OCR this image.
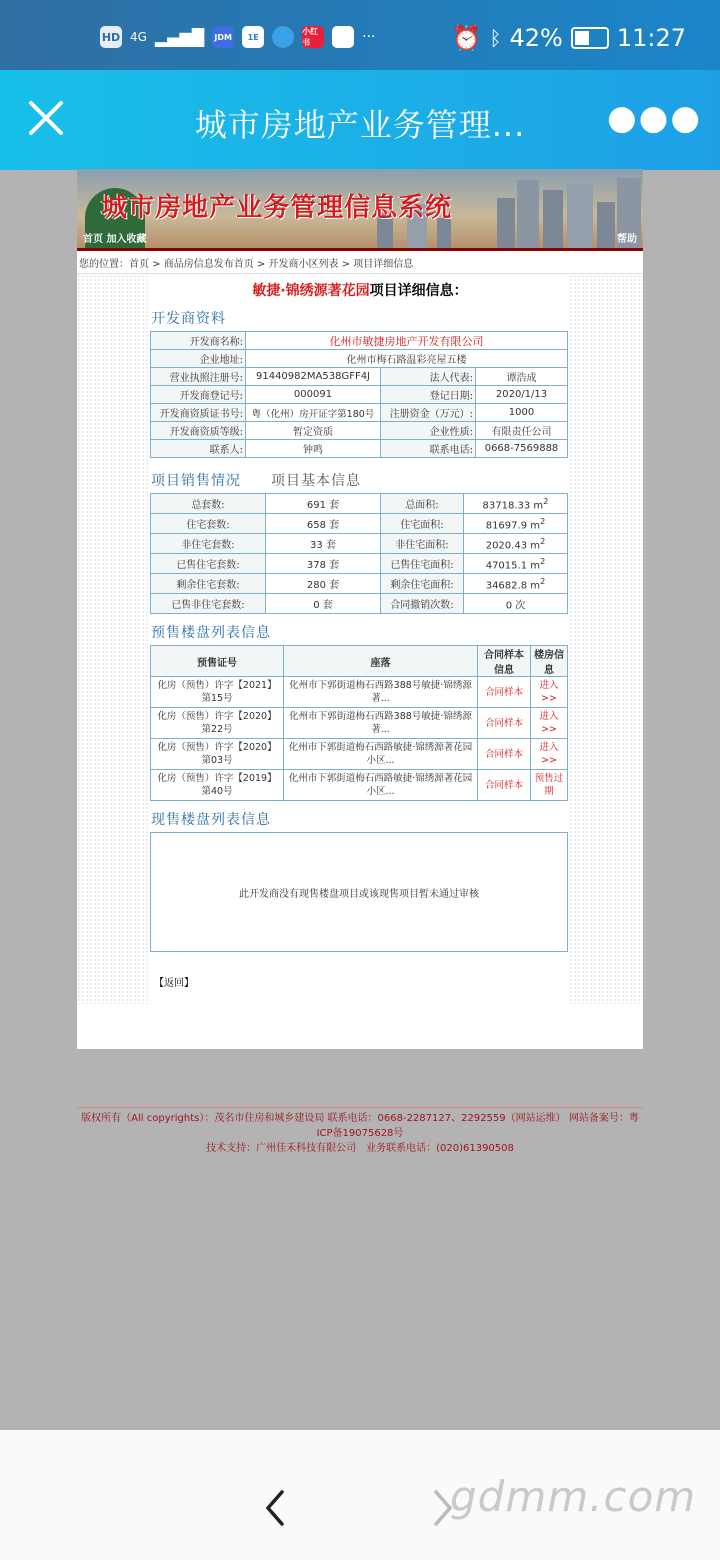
HD 4G ▂▄▆█ JDM	1E
小红书	···	⏰ ᛒ 42% 11:27
城市房地产业务管理...	●●●
城市房地产业务管理信息系统
首页 加入收藏	帮助
您的位置：首页 > 商品房信息发布首页 > 开发商小区列表 > 项目详细信息
敏捷·锦绣源著花园项目详细信息：
开发商资料
开发商名称:	化州市敏捷房地产开发有限公司		
企业地址:	化州市梅石路温彩亮屋五楼		
营业执照注册号:	91440982MA538GFF4J	法人代表:	谭浩成
开发商登记号:	000091	登记日期:	2020/1/13
开发商资质证书号:	粤（化州）房开证字第180号	注册资金（万元）:	1000
开发商资质等级:	暂定资质	企业性质:	有限责任公司
联系人:	钟鸣	联系电话:	0668-7569888
项目销售情况 项目基本信息
总套数:	691 套	总面积:	83718.33 $m^2$
住宅套数:	658 套	住宅面积:	81697.9 $m^2$
非住宅套数:	33 套	非住宅面积:	2020.43 $m^2$
已售住宅套数:	378 套	已售住宅面积:	47015.1 $m^2$
剩余住宅套数:	280 套	剩余住宅面积:	34682.8 $m^2$
已售非住宅套数:	0 套	合同撤销次数:	0 次
预售楼盘列表信息
预售证号	座落	合同样本信息	楼房信息
化房（预售）许字【2021】第15号	化州市下郭街道梅石西路388号敏捷·锦绣源著...	合同样本	进入>>
化房（预售）许字【2020】第22号	化州市下郭街道梅石西路388号敏捷·锦绣源著...	合同样本	进入>>
化房（预售）许字【2020】第03号	化州市下郭街道梅石西路敏捷·锦绣源著花园小区...	合同样本	进入>>
化房（预售）许字【2019】第40号	化州市下郭街道梅石西路敏捷·锦绣源著花园小区...	合同样本	预售过期
现售楼盘列表信息
此开发商没有现售楼盘项目或该现售项目暂未通过审核
【返回】
版权所有（All copyrights）：茂名市住房和城乡建设局 联系电话：0668-2287127、2292559（网站运维） 网站备案号：粤ICP备19075628号
技术支持：广州佳禾科技有限公司　业务联系电话：(020)61390508
gdmm.com
